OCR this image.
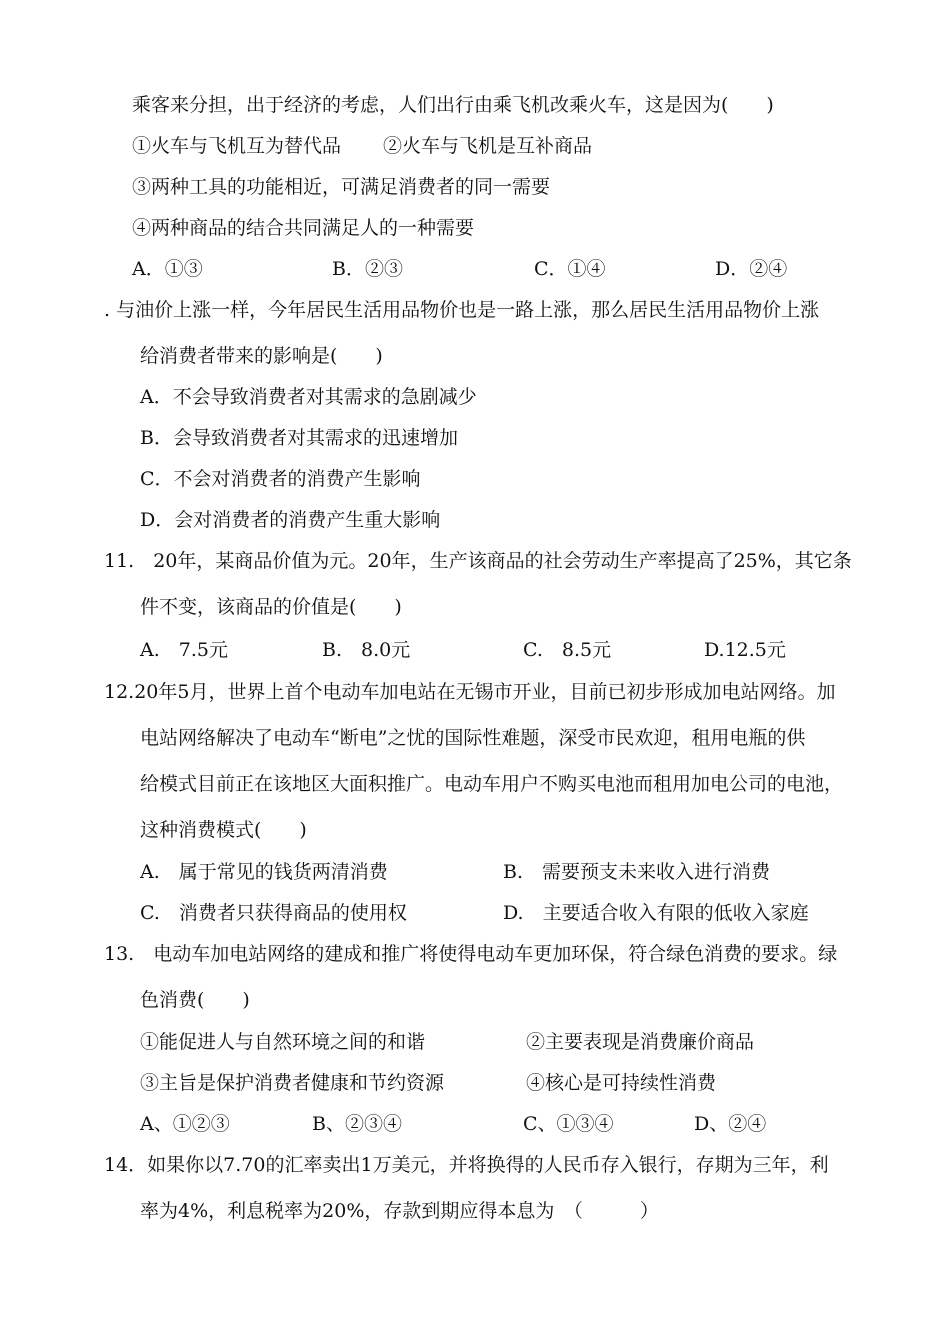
乘客来分担，出于经济的考虑，人们出行由乘飞机改乘火车，这是因为(　　)
①火车与飞机互为替代品 ②火车与飞机是互补商品
③两种工具的功能相近，可满足消费者的同一需要
④两种商品的结合共同满足人的一种需要
A．①③	B．②③	C．①④	D．②④
. 与油价上涨一样，今年居民生活用品物价也是一路上涨，那么居民生活用品物价上涨
给消费者带来的影响是(　　)
A．不会导致消费者对其需求的急剧减少
B．会导致消费者对其需求的迅速增加
C．不会对消费者的消费产生影响
D．会对消费者的消费产生重大影响
11.　20年，某商品价值为元。20年，生产该商品的社会劳动生产率提高了25%，其它条
件不变，该商品的价值是(　　)
A.　7.5元	B.　8.0元	C.　8.5元	D.12.5元
12.20年5月，世界上首个电动车加电站在无锡市开业，目前已初步形成加电站网络。加
电站网络解决了电动车“断电”之忧的国际性难题，深受市民欢迎，租用电瓶的供
给模式目前正在该地区大面积推广。电动车用户不购买电池而租用加电公司的电池，
这种消费模式(　　)
A.　属于常见的钱货两清消费	B.　需要预支未来收入进行消费
C.　消费者只获得商品的使用权	D.　主要适合收入有限的低收入家庭
13.　电动车加电站网络的建成和推广将使得电动车更加环保，符合绿色消费的要求。绿
色消费(　　)
①能促进人与自然环境之间的和谐	②主要表现是消费廉价商品
③主旨是保护消费者健康和节约资源	④核心是可持续性消费
A、①②③	B、②③④	C、①③④	D、②④
14．如果你以7.70的汇率卖出1万美元，并将换得的人民币存入银行，存期为三年，利
率为4%，利息税率为20%，存款到期应得本息为　（　　　）
